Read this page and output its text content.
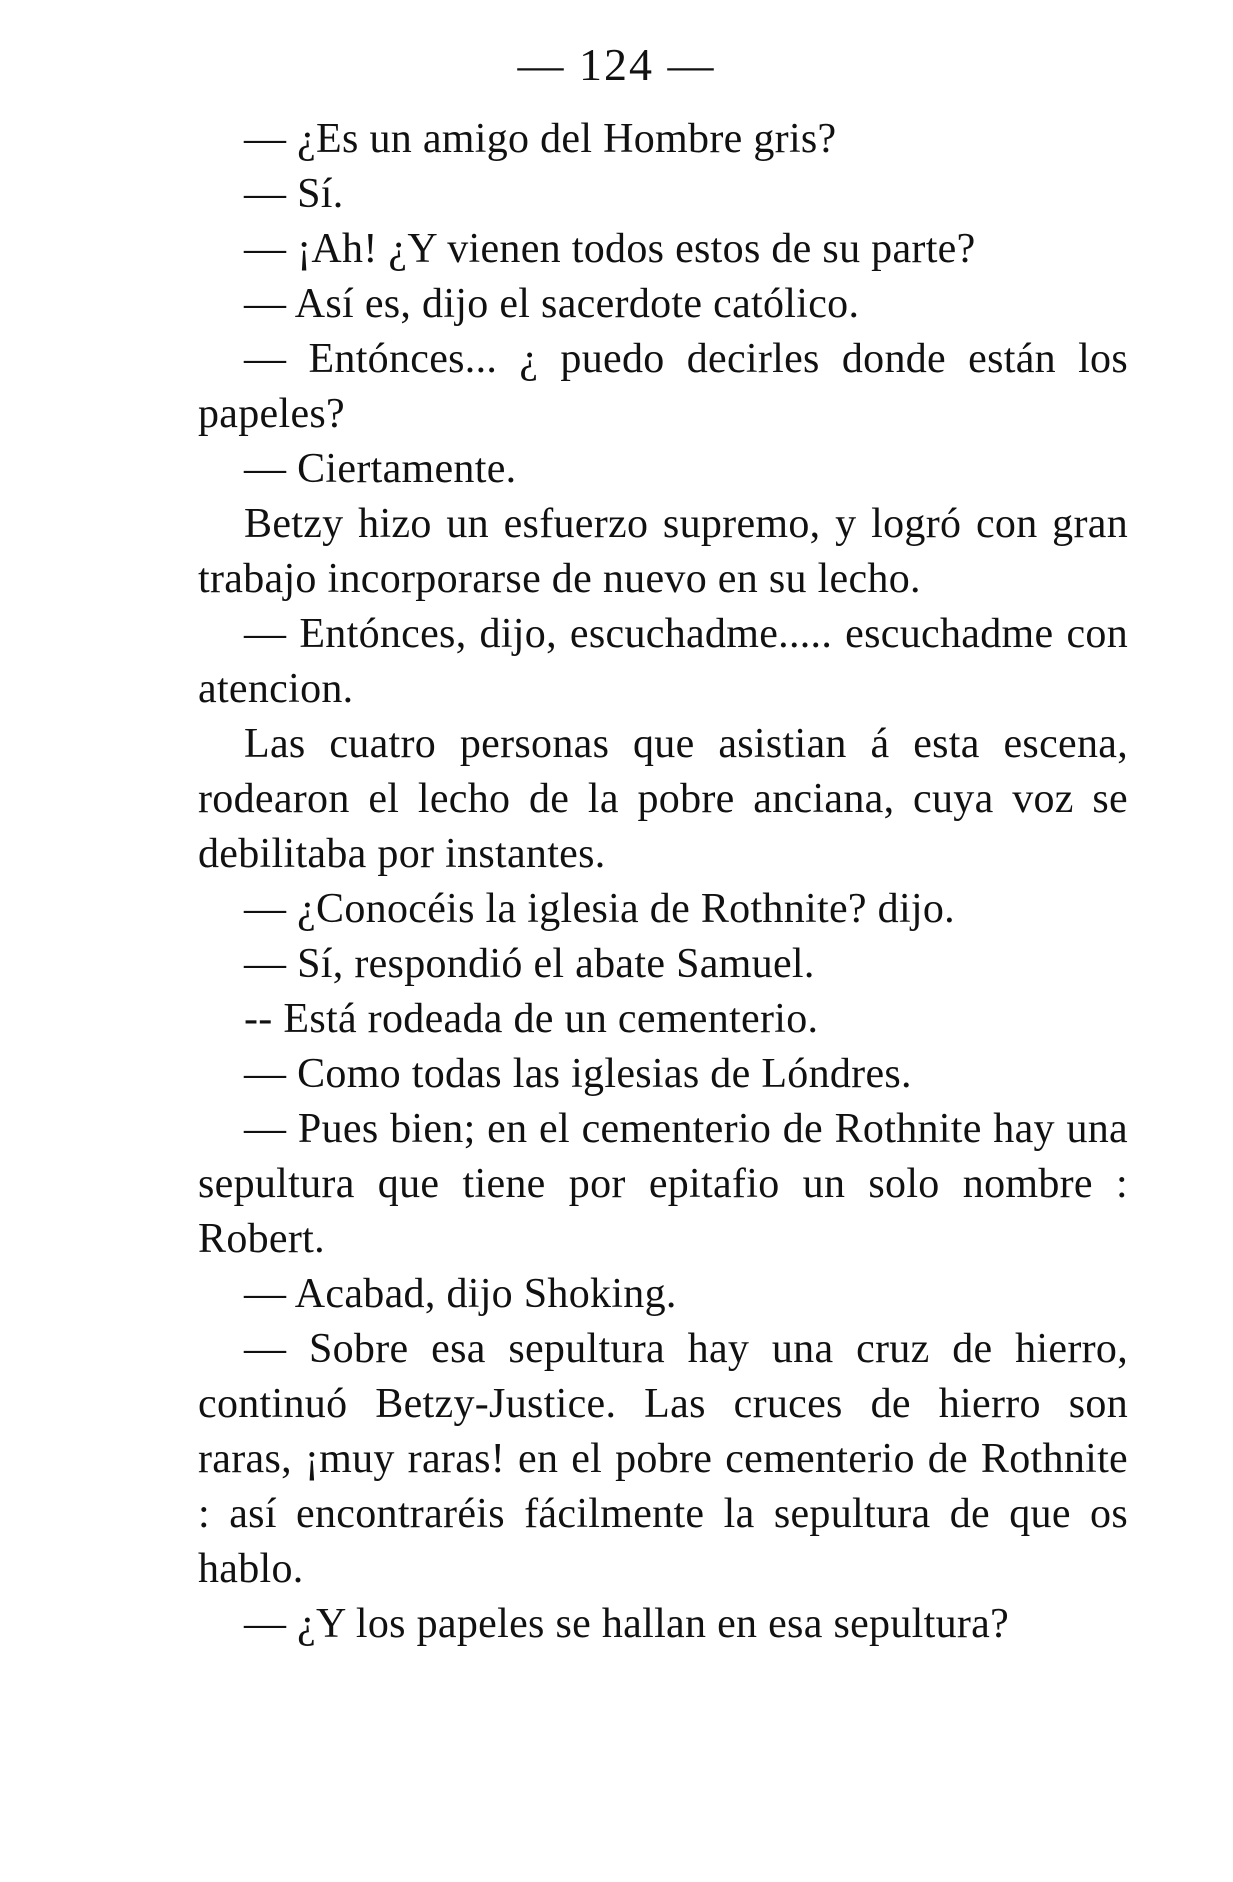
— 124 —

— ¿Es un amigo del Hombre gris?

— Sí.

— ¡Ah! ¿Y vienen todos estos de su parte?

— Así es, dijo el sacerdote católico.

— Entónces... ¿ puedo decirles donde están los papeles?

— Ciertamente.

Betzy hizo un esfuerzo supremo, y logró con gran trabajo incorporarse de nuevo en su lecho.

— Entónces, dijo, escuchadme..... escuchadme con atencion.

Las cuatro personas que asistian á esta escena, rodearon el lecho de la pobre anciana, cuya voz se debilitaba por instantes.

— ¿Conocéis la iglesia de Rothnite? dijo.

— Sí, respondió el abate Samuel.

-- Está rodeada de un cementerio.

— Como todas las iglesias de Lóndres.

— Pues bien; en el cementerio de Rothnite hay una sepultura que tiene por epitafio un solo nombre : Robert.

— Acabad, dijo Shoking.

— Sobre esa sepultura hay una cruz de hierro, continuó Betzy-Justice. Las cruces de hierro son raras, ¡muy raras! en el pobre cementerio de Rothnite : así encontraréis fácilmente la sepultura de que os hablo.

— ¿Y los papeles se hallan en esa sepultura?
